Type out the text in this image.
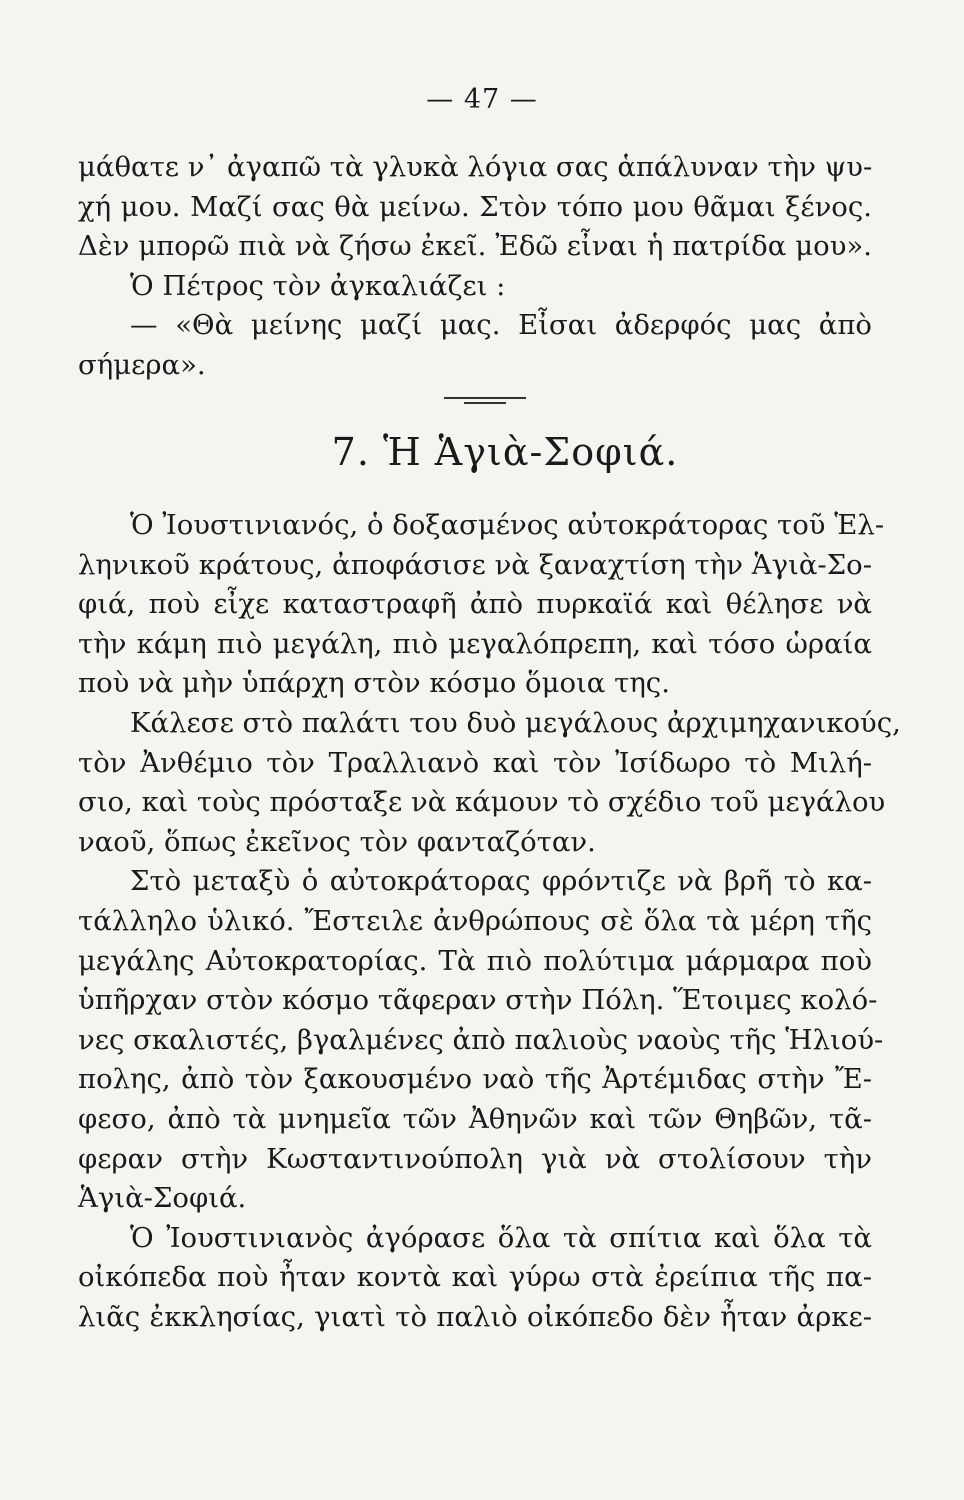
— 47 —
μάθατε ν᾽ ἀγαπῶ τὰ γλυκὰ λόγια σας ἁπάλυναν τὴν ψυ-
χή μου. Μαζί σας θὰ μείνω. Στὸν τόπο μου θᾶμαι ξένος.
Δὲν μπορῶ πιὰ νὰ ζήσω ἐκεῖ. Ἐδῶ εἶναι ἡ πατρίδα μου».
Ὁ Πέτρος τὸν ἀγκαλιάζει :
— «Θὰ μείνης μαζί μας. Εἶσαι ἀδερφός μας ἀπὸ
σήμερα».
7. Ἡ Ἁγιὰ-Σοφιά.
Ὁ Ἰουστινιανός, ὁ δοξασμένος αὐτοκράτορας τοῦ Ἑλ-
ληνικοῦ κράτους, ἀποφάσισε νὰ ξαναχτίση τὴν Ἁγιὰ-Σο-
φιά, ποὺ εἶχε καταστραφῆ ἀπὸ πυρκαϊά καὶ θέλησε νὰ
τὴν κάμη πιὸ μεγάλη, πιὸ μεγαλόπρεπη, καὶ τόσο ὡραία
ποὺ νὰ μὴν ὑπάρχη στὸν κόσμο ὅμοια της.
Κάλεσε στὸ παλάτι του δυὸ μεγάλους ἀρχιμηχανικούς,
τὸν Ἀνθέμιο τὸν Τραλλιανὸ καὶ τὸν Ἰσίδωρο τὸ Μιλή-
σιο, καὶ τοὺς πρόσταξε νὰ κάμουν τὸ σχέδιο τοῦ μεγάλου
ναοῦ, ὅπως ἐκεῖνος τὸν φανταζόταν.
Στὸ μεταξὺ ὁ αὐτοκράτορας φρόντιζε νὰ βρῆ τὸ κα-
τάλληλο ὑλικό. Ἔστειλε ἀνθρώπους σὲ ὅλα τὰ μέρη τῆς
μεγάλης Αὐτοκρατορίας. Τὰ πιὸ πολύτιμα μάρμαρα ποὺ
ὑπῆρχαν στὸν κόσμο τᾶφεραν στὴν Πόλη. Ἕτοιμες κολό-
νες σκαλιστές, βγαλμένες ἀπὸ παλιοὺς ναοὺς τῆς Ἡλιού-
πολης, ἀπὸ τὸν ξακουσμένο ναὸ τῆς Ἀρτέμιδας στὴν Ἔ-
φεσο, ἀπὸ τὰ μνημεῖα τῶν Ἀθηνῶν καὶ τῶν Θηβῶν, τᾶ-
φεραν στὴν Κωσταντινούπολη γιὰ νὰ στολίσουν τὴν
Ἁγιὰ-Σοφιά.
Ὁ Ἰουστινιανὸς ἀγόρασε ὅλα τὰ σπίτια καὶ ὅλα τὰ
οἰκόπεδα ποὺ ἦταν κοντὰ καὶ γύρω στὰ ἐρείπια τῆς πα-
λιᾶς ἐκκλησίας, γιατὶ τὸ παλιὸ οἰκόπεδο δὲν ἦταν ἀρκε-
